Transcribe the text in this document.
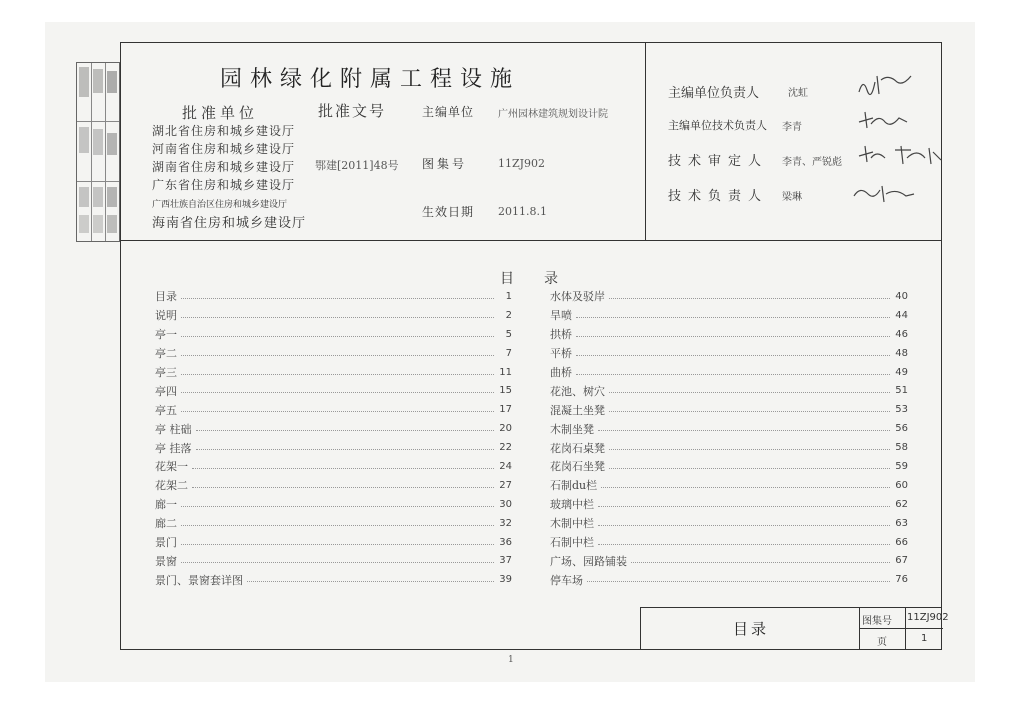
园林绿化附属工程设施
批准单位	批准文号
湖北省住房和城乡建设厅
河南省住房和城乡建设厅
湖南省住房和城乡建设厅
广东省住房和城乡建设厅
广西壮族自治区住房和城乡建设厅
海南省住房和城乡建设厅
鄂建[2011]48号
主编单位 广州园林建筑规划设计院
图集号	11ZJ902
生效日期 2011.8.1
主编单位负责人	沈虹
主编单位技术负责人 李青
技术审定人 李青、严锐彪
技术负责人 梁琳
目录
目录	1
说明	2
亭一	5
亭二	7
亭三	11
亭四	15
亭五	17
亭 柱础	20
亭 挂落	22
花架一	24
花架二	27
廊一	30
廊二	32
景门	36
景窗	37
景门、景窗套详图	39
水体及驳岸	40
旱喷	44
拱桥	46
平桥	48
曲桥	49
花池、树穴	51
混凝土坐凳	53
木制坐凳	56
花岗石桌凳	58
花岗石坐凳	59
石制du栏	60
玻璃中栏	62
木制中栏	63
石制中栏	66
广场、园路铺装	67
停车场	76
目录	图集号 11ZJ902
页	1
1
